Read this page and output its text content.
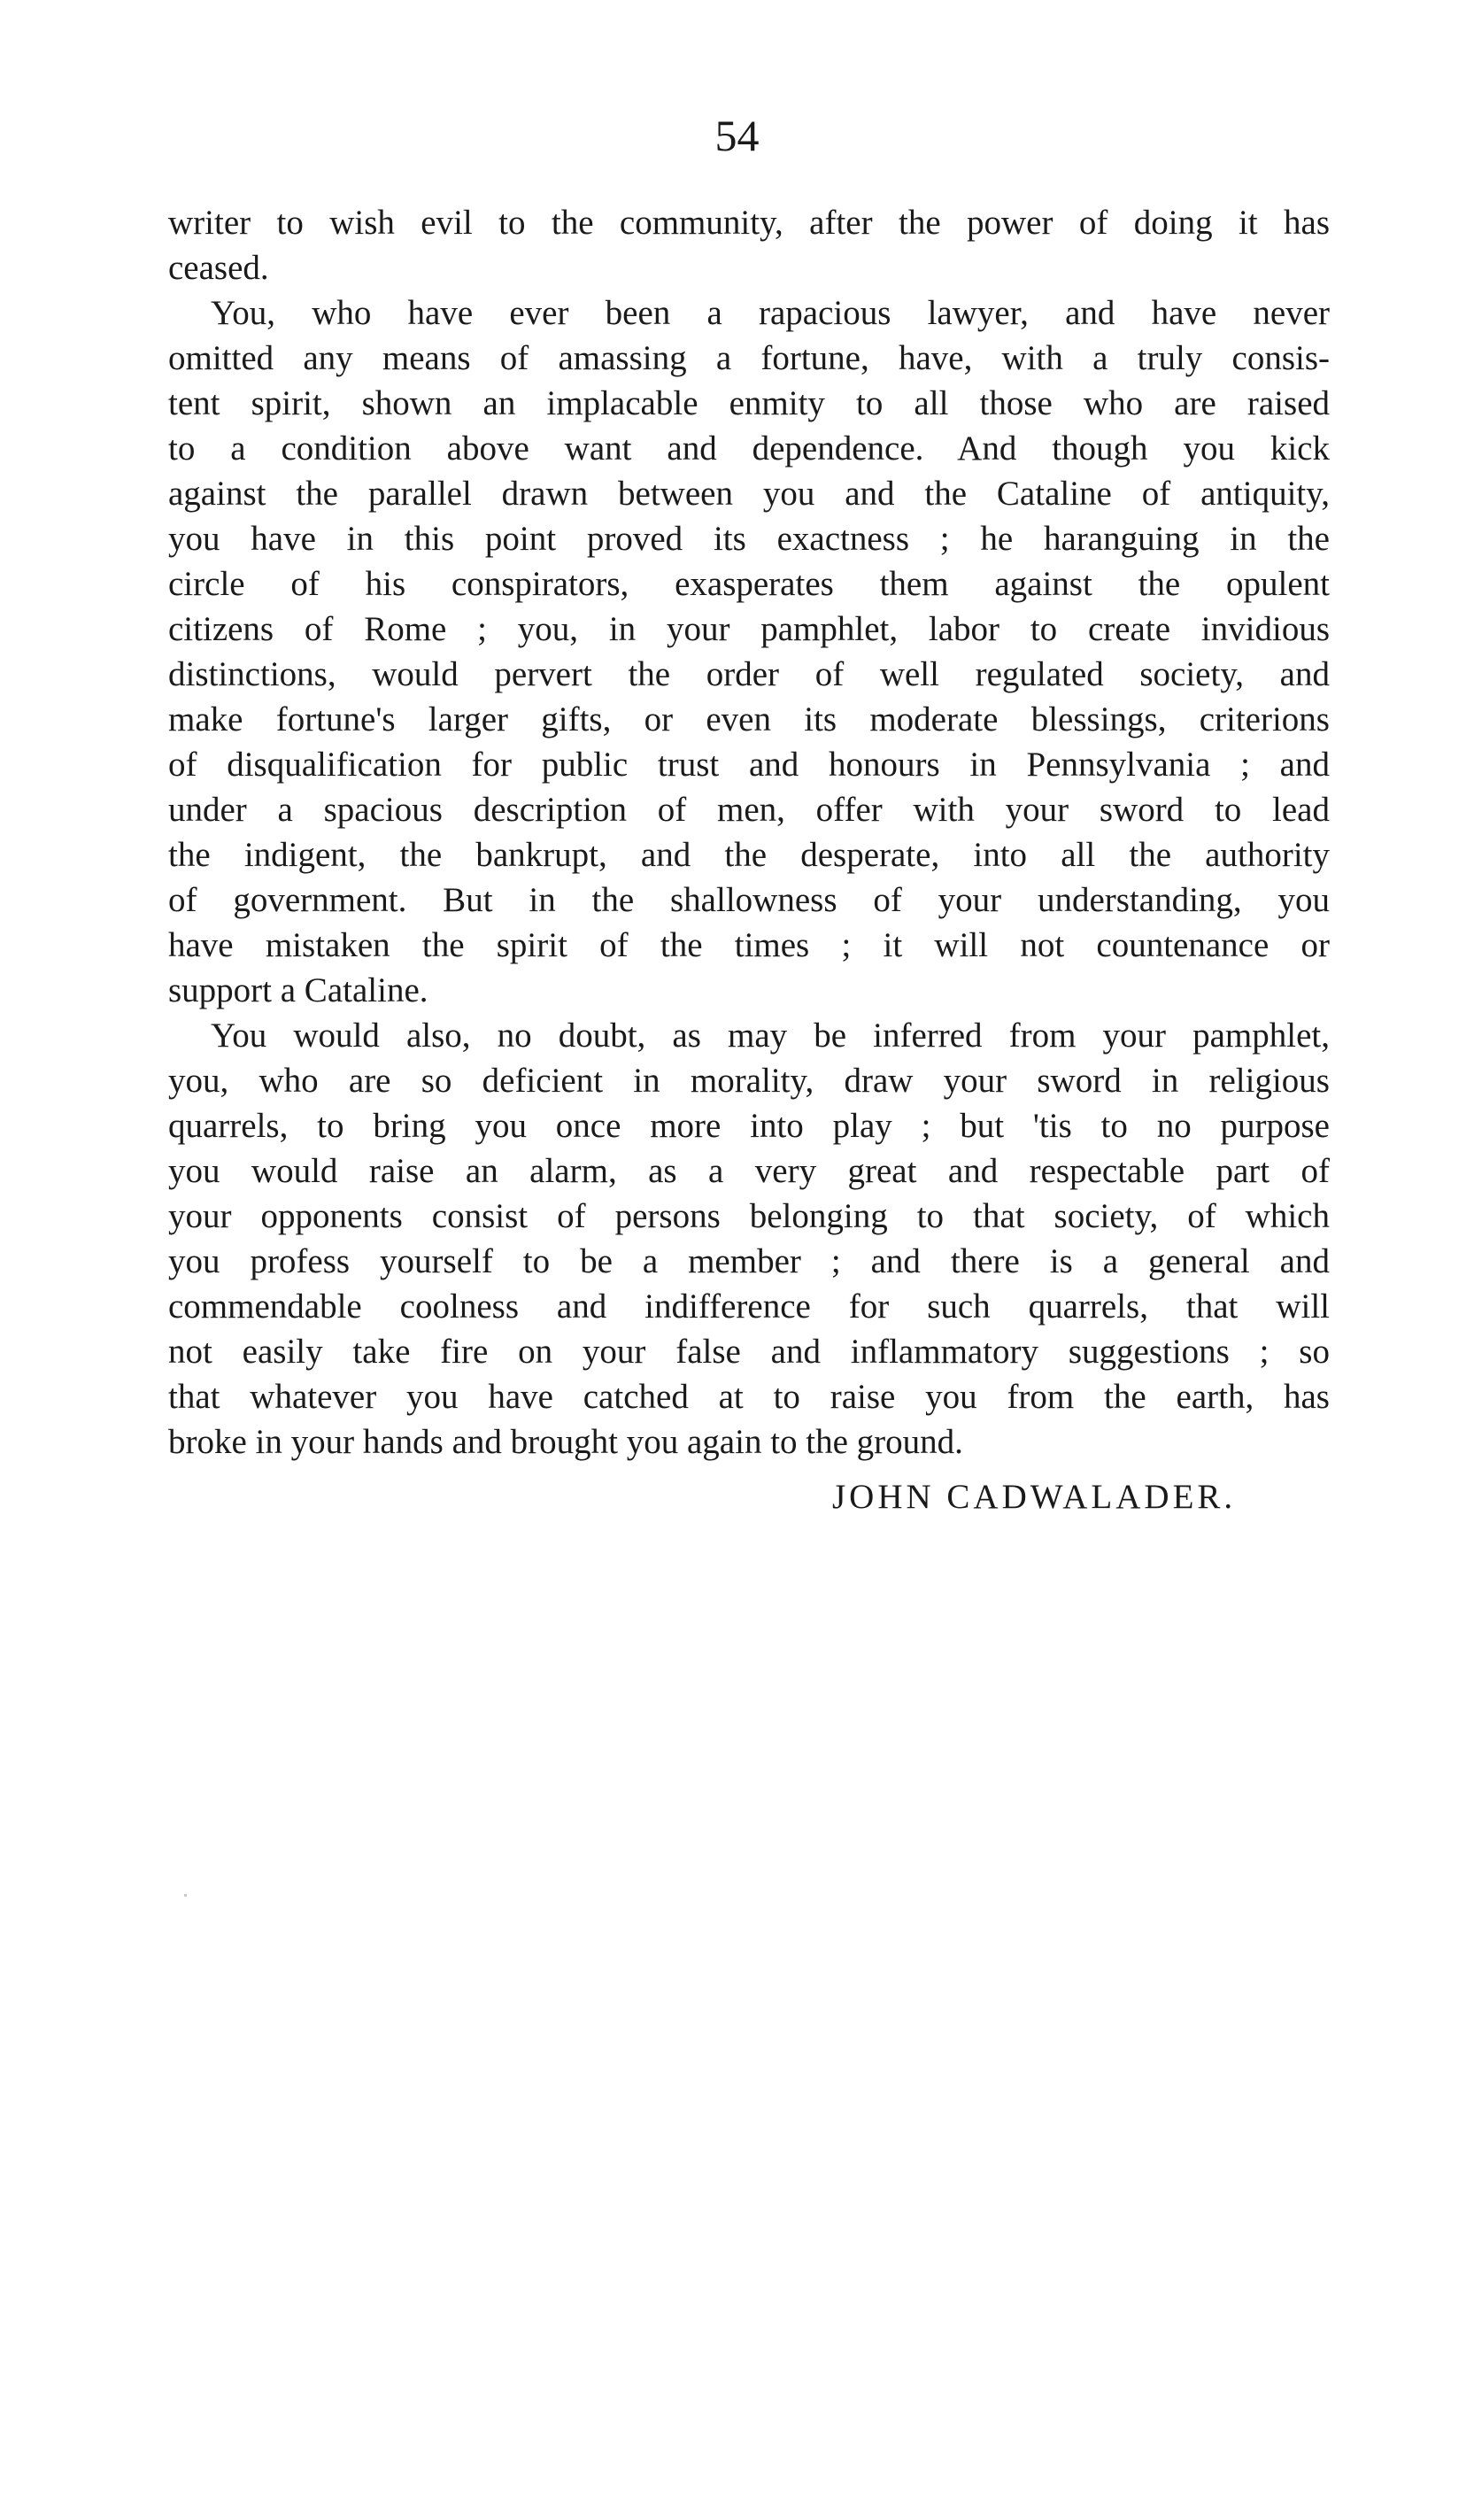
54
writer to wish evil to the community, after the power of doing it has
ceased.
You, who have ever been a rapacious lawyer, and have never
omitted any means of amassing a fortune, have, with a truly consis-
tent spirit, shown an implacable enmity to all those who are raised
to a condition above want and dependence. And though you kick
against the parallel drawn between you and the Cataline of antiquity,
you have in this point proved its exactness ; he haranguing in the
circle of his conspirators, exasperates them against the opulent
citizens of Rome ; you, in your pamphlet, labor to create invidious
distinctions, would pervert the order of well regulated society, and
make fortune's larger gifts, or even its moderate blessings, criterions
of disqualification for public trust and honours in Pennsylvania ; and
under a spacious description of men, offer with your sword to lead
the indigent, the bankrupt, and the desperate, into all the authority
of government. But in the shallowness of your understanding, you
have mistaken the spirit of the times ; it will not countenance or
support a Cataline.
You would also, no doubt, as may be inferred from your pamphlet,
you, who are so deficient in morality, draw your sword in religious
quarrels, to bring you once more into play ; but 'tis to no purpose
you would raise an alarm, as a very great and respectable part of
your opponents consist of persons belonging to that society, of which
you profess yourself to be a member ; and there is a general and
commendable coolness and indifference for such quarrels, that will
not easily take fire on your false and inflammatory suggestions ; so
that whatever you have catched at to raise you from the earth, has
broke in your hands and brought you again to the ground.
JOHN CADWALADER.
